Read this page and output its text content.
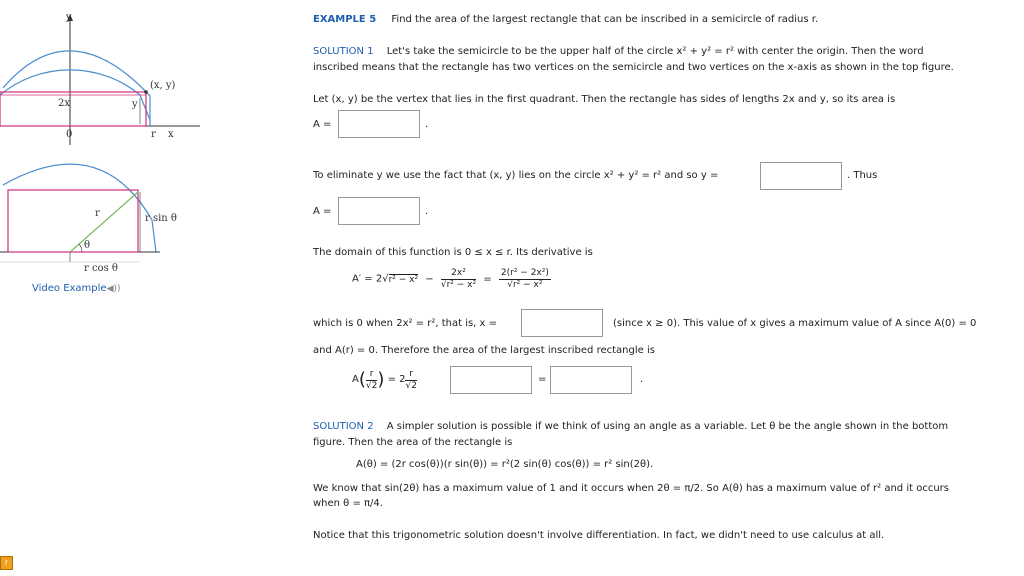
y
(x, y)
2x	y
0	r x
r	r sin θ
θ
r cos θ
Video Example◀))
EXAMPLE 5 Find the area of the largest rectangle that can be inscribed in a semicircle of radius r.
SOLUTION 1 Let's take the semicircle to be the upper half of the circle x² + y² = r² with center the origin. Then the word
inscribed means that the rectangle has two vertices on the semicircle and two vertices on the x-axis as shown in the top figure.
Let (x, y) be the vertex that lies in the first quadrant. Then the rectangle has sides of lengths 2x and y, so its area is
A =	.
To eliminate y we use the fact that (x, y) lies on the circle x² + y² = r² and so y =	. Thus
A =	.
The domain of this function is 0 ≤ x ≤ r. Its derivative is
$A' = 2√r^2 - x^2 - \frac{\text{2x²}}{\text{√r² − x²}} = \frac{\text{2(r² − 2x²)}}{\text{√r² − x²}}$
which is 0 when 2x² = r², that is, x =	(since x ≥ 0). This value of x gives a maximum value of A since A(0) = 0
and A(r) = 0. Therefore the area of the largest inscribed rectangle is
$A( \frac{r}{√2}$ ) = $2 \frac{r}{√2}$	=	.
SOLUTION 2 A simpler solution is possible if we think of using an angle as a variable. Let θ be the angle shown in the bottom
figure. Then the area of the rectangle is
A(θ) = (2r cos(θ))(r sin(θ)) = r²(2 sin(θ) cos(θ)) = r² sin(2θ).
We know that sin(2θ) has a maximum value of 1 and it occurs when 2θ = π/2. So A(θ) has a maximum value of r² and it occurs
when θ = π/4.
Notice that this trigonometric solution doesn't involve differentiation. In fact, we didn't need to use calculus at all.
r
